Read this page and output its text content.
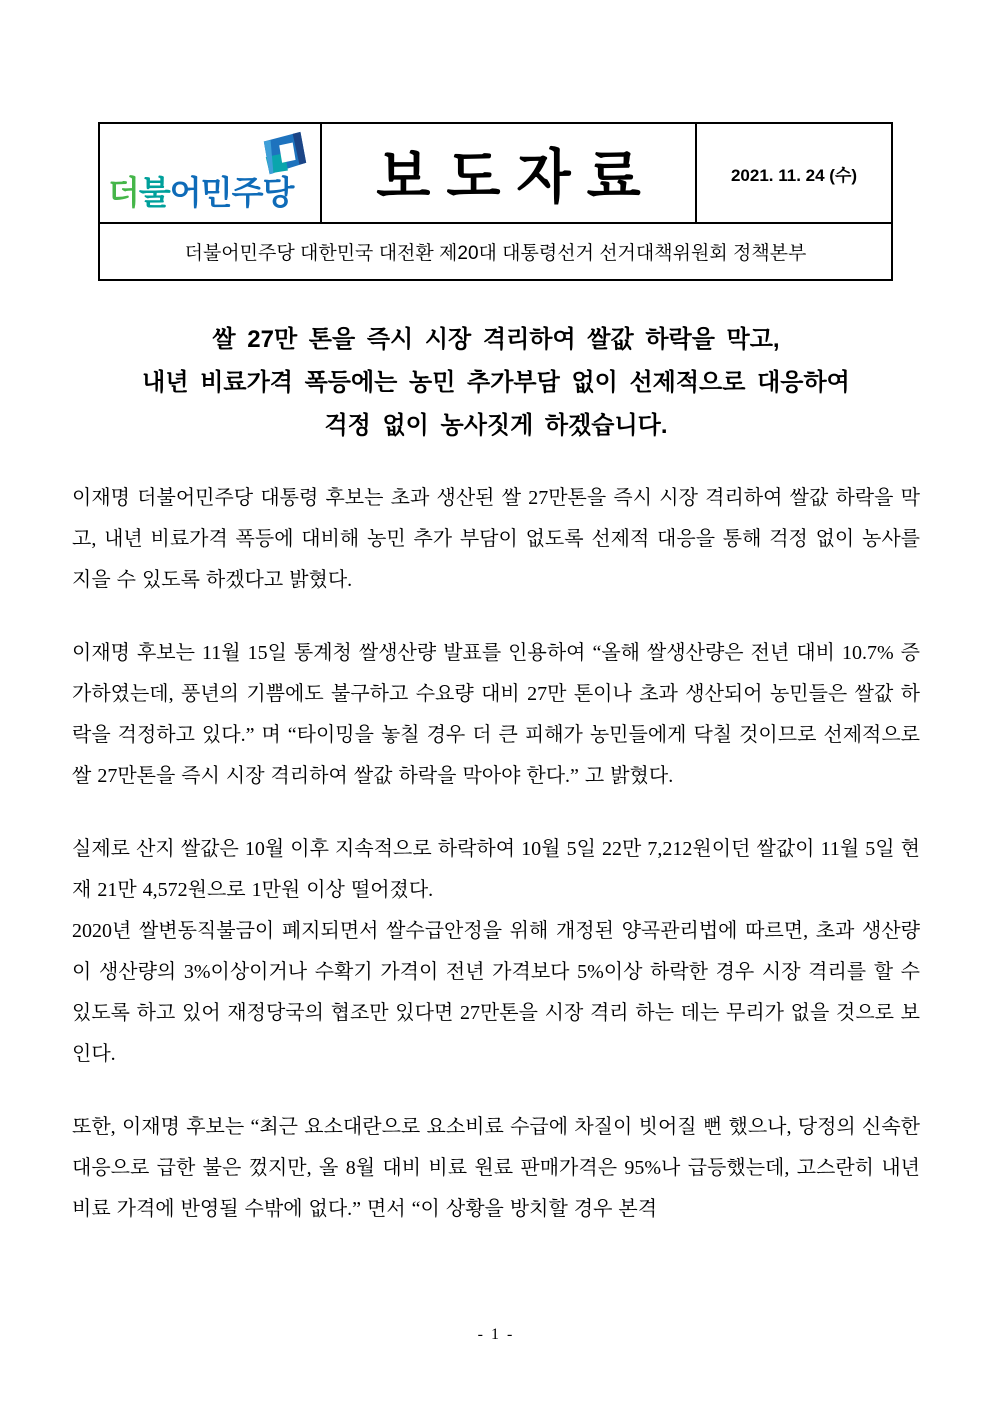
더불어민주당 보도자료	2021. 11. 24 (수)
더불어민주당 대한민국 대전환 제20대 대통령선거 선거대책위원회 정책본부
쌀 27만 톤을 즉시 시장 격리하여 쌀값 하락을 막고,
내년 비료가격 폭등에는 농민 추가부담 없이 선제적으로 대응하여
걱정 없이 농사짓게 하겠습니다.

이재명 더불어민주당 대통령 후보는 초과 생산된 쌀 27만톤을 즉시 시장 격리하여 쌀값 하락을 막고, 내년 비료가격 폭등에 대비해 농민 추가 부담이 없도록 선제적 대응을 통해 걱정 없이 농사를 지을 수 있도록 하겠다고 밝혔다.

이재명 후보는 11월 15일 통계청 쌀생산량 발표를 인용하여 “올해 쌀생산량은 전년 대비 10.7% 증가하였는데, 풍년의 기쁨에도 불구하고 수요량 대비 27만 톤이나 초과 생산되어 농민들은 쌀값 하락을 걱정하고 있다.” 며 “타이밍을 놓칠 경우 더 큰 피해가 농민들에게 닥칠 것이므로 선제적으로 쌀 27만톤을 즉시 시장 격리하여 쌀값 하락을 막아야 한다.” 고 밝혔다.

실제로 산지 쌀값은 10월 이후 지속적으로 하락하여 10월 5일 22만 7,212원이던 쌀값이 11월 5일 현재 21만 4,572원으로 1만원 이상 떨어졌다.

2020년 쌀변동직불금이 폐지되면서 쌀수급안정을 위해 개정된 양곡관리법에 따르면, 초과 생산량이 생산량의 3%이상이거나 수확기 가격이 전년 가격보다 5%이상 하락한 경우 시장 격리를 할 수 있도록 하고 있어 재정당국의 협조만 있다면 27만톤을 시장 격리 하는 데는 무리가 없을 것으로 보인다.

또한, 이재명 후보는 “최근 요소대란으로 요소비료 수급에 차질이 빗어질 뻔 했으나, 당정의 신속한 대응으로 급한 불은 껐지만, 올 8월 대비 비료 원료 판매가격은 95%나 급등했는데, 고스란히 내년 비료 가격에 반영될 수밖에 없다.” 면서 “이 상황을 방치할 경우 본격

- 1 -
